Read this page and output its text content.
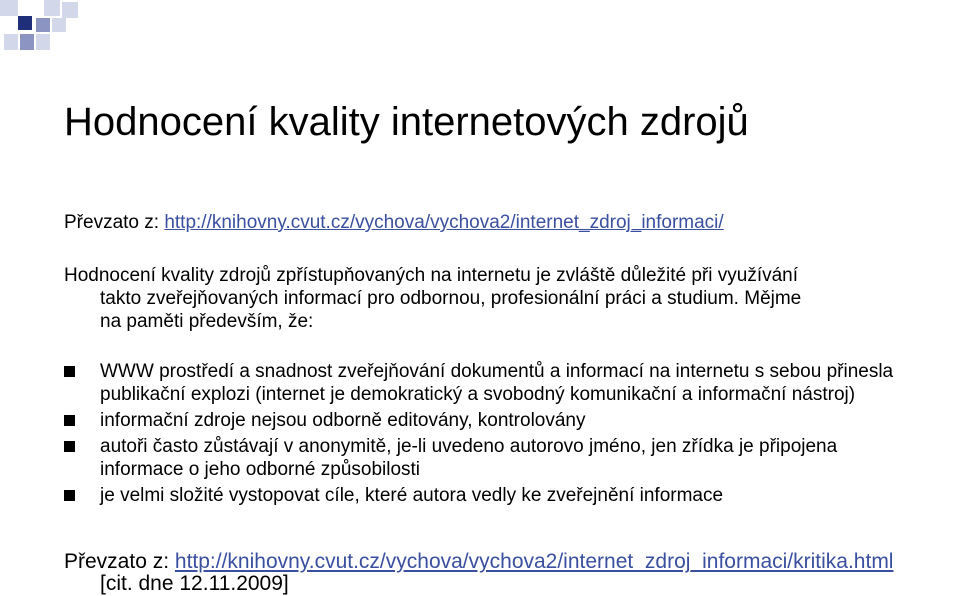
Hodnocení kvality internetových zdrojů
Převzato z: http://knihovny.cvut.cz/vychova/vychova2/internet_zdroj_informaci/
Hodnocení kvality zdrojů zpřístupňovaných na internetu je zvláště důležité při využívání
takto zveřejňovaných informací pro odbornou, profesionální práci a studium. Mějme
na paměti především, že:
WWW prostředí a snadnost zveřejňování dokumentů a informací na internetu s sebou přinesla publikační explozi (internet je demokratický a svobodný komunikační a informační nástroj)
informační zdroje nejsou odborně editovány, kontrolovány
autoři často zůstávají v anonymitě, je-li uvedeno autorovo jméno, jen zřídka je připojena informace o jeho odborné způsobilosti
je velmi složité vystopovat cíle, které autora vedly ke zveřejnění informace
Převzato z: http://knihovny.cvut.cz/vychova/vychova2/internet_zdroj_informaci/kritika.html
[cit. dne 12.11.2009]
